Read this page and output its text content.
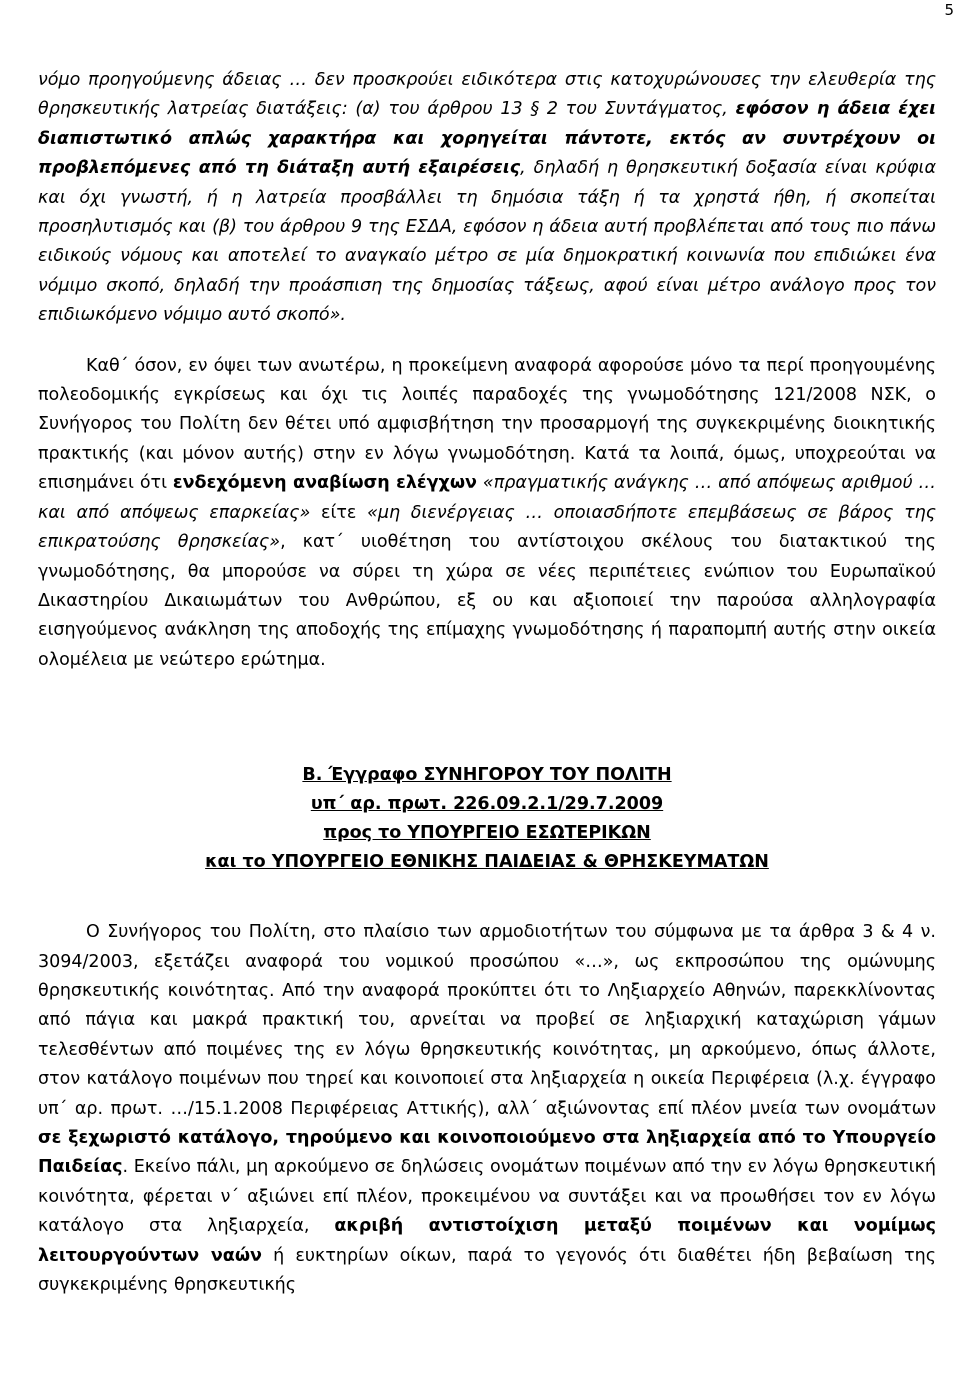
5

νόμο προηγούμενης άδειας … δεν προσκρούει ειδικότερα στις κατοχυρώνουσες την ελευθερία της θρησκευτικής λατρείας διατάξεις: (α) του άρθρου 13 § 2 του Συντάγματος, εφόσον η άδεια έχει διαπιστωτικό απλώς χαρακτήρα και χορηγείται πάντοτε, εκτός αν συντρέχουν οι προβλεπόμενες από τη διάταξη αυτή εξαιρέσεις, δηλαδή η θρησκευτική δοξασία είναι κρύφια και όχι γνωστή, ή η λατρεία προσβάλλει τη δημόσια τάξη ή τα χρηστά ήθη, ή σκοπείται προσηλυτισμός και (β) του άρθρου 9 της ΕΣΔΑ, εφόσον η άδεια αυτή προβλέπεται από τους πιο πάνω ειδικούς νόμους και αποτελεί το αναγκαίο μέτρο σε μία δημοκρατική κοινωνία που επιδιώκει ένα νόμιμο σκοπό, δηλαδή την προάσπιση της δημοσίας τάξεως, αφού είναι μέτρο ανάλογο προς τον επιδιωκόμενο νόμιμο αυτό σκοπό».

Καθ΄ όσον, εν όψει των ανωτέρω, η προκείμενη αναφορά αφορούσε μόνο τα περί προηγουμένης πολεοδομικής εγκρίσεως και όχι τις λοιπές παραδοχές της γνωμοδότησης 121/2008 ΝΣΚ, ο Συνήγορος του Πολίτη δεν θέτει υπό αμφισβήτηση την προσαρμογή της συγκεκριμένης διοικητικής πρακτικής (και μόνον αυτής) στην εν λόγω γνωμοδότηση. Κατά τα λοιπά, όμως, υποχρεούται να επισημάνει ότι ενδεχόμενη αναβίωση ελέγχων «πραγματικής ανάγκης … από απόψεως αριθμού … και από απόψεως επαρκείας» είτε «μη διενέργειας … οποιασδήποτε επεμβάσεως σε βάρος της επικρατούσης θρησκείας», κατ΄ υιοθέτηση του αντίστοιχου σκέλους του διατακτικού της γνωμοδότησης, θα μπορούσε να σύρει τη χώρα σε νέες περιπέτειες ενώπιον του Ευρωπαϊκού Δικαστηρίου Δικαιωμάτων του Ανθρώπου, εξ ου και αξιοποιεί την παρούσα αλληλογραφία εισηγούμενος ανάκληση της αποδοχής της επίμαχης γνωμοδότησης ή παραπομπή αυτής στην οικεία ολομέλεια με νεώτερο ερώτημα.

Β. Έγγραφο ΣΥΝΗΓΟΡΟΥ ΤΟΥ ΠΟΛΙΤΗ
υπ΄ αρ. πρωτ. 226.09.2.1/29.7.2009
προς το ΥΠΟΥΡΓΕΙΟ ΕΣΩΤΕΡΙΚΩΝ
και το ΥΠΟΥΡΓΕΙΟ ΕΘΝΙΚΗΣ ΠΑΙΔΕΙΑΣ & ΘΡΗΣΚΕΥΜΑΤΩΝ

Ο Συνήγορος του Πολίτη, στο πλαίσιο των αρμοδιοτήτων του σύμφωνα με τα άρθρα 3 & 4 ν. 3094/2003, εξετάζει αναφορά του νομικού προσώπου «…», ως εκπροσώπου της ομώνυμης θρησκευτικής κοινότητας. Από την αναφορά προκύπτει ότι το Ληξιαρχείο Αθηνών, παρεκκλίνοντας από πάγια και μακρά πρακτική του, αρνείται να προβεί σε ληξιαρχική καταχώριση γάμων τελεσθέντων από ποιμένες της εν λόγω θρησκευτικής κοινότητας, μη αρκούμενο, όπως άλλοτε, στον κατάλογο ποιμένων που τηρεί και κοινοποιεί στα ληξιαρχεία η οικεία Περιφέρεια (λ.χ. έγγραφο υπ΄ αρ. πρωτ. …/15.1.2008 Περιφέρειας Αττικής), αλλ΄ αξιώνοντας επί πλέον μνεία των ονομάτων σε ξεχωριστό κατάλογο, τηρούμενο και κοινοποιούμενο στα ληξιαρχεία από το Υπουργείο Παιδείας. Εκείνο πάλι, μη αρκούμενο σε δηλώσεις ονομάτων ποιμένων από την εν λόγω θρησκευτική κοινότητα, φέρεται ν΄ αξιώνει επί πλέον, προκειμένου να συντάξει και να προωθήσει τον εν λόγω κατάλογο στα ληξιαρχεία, ακριβή αντιστοίχιση μεταξύ ποιμένων και νομίμως λειτουργούντων ναών ή ευκτηρίων οίκων, παρά το γεγονός ότι διαθέτει ήδη βεβαίωση της συγκεκριμένης θρησκευτικής
